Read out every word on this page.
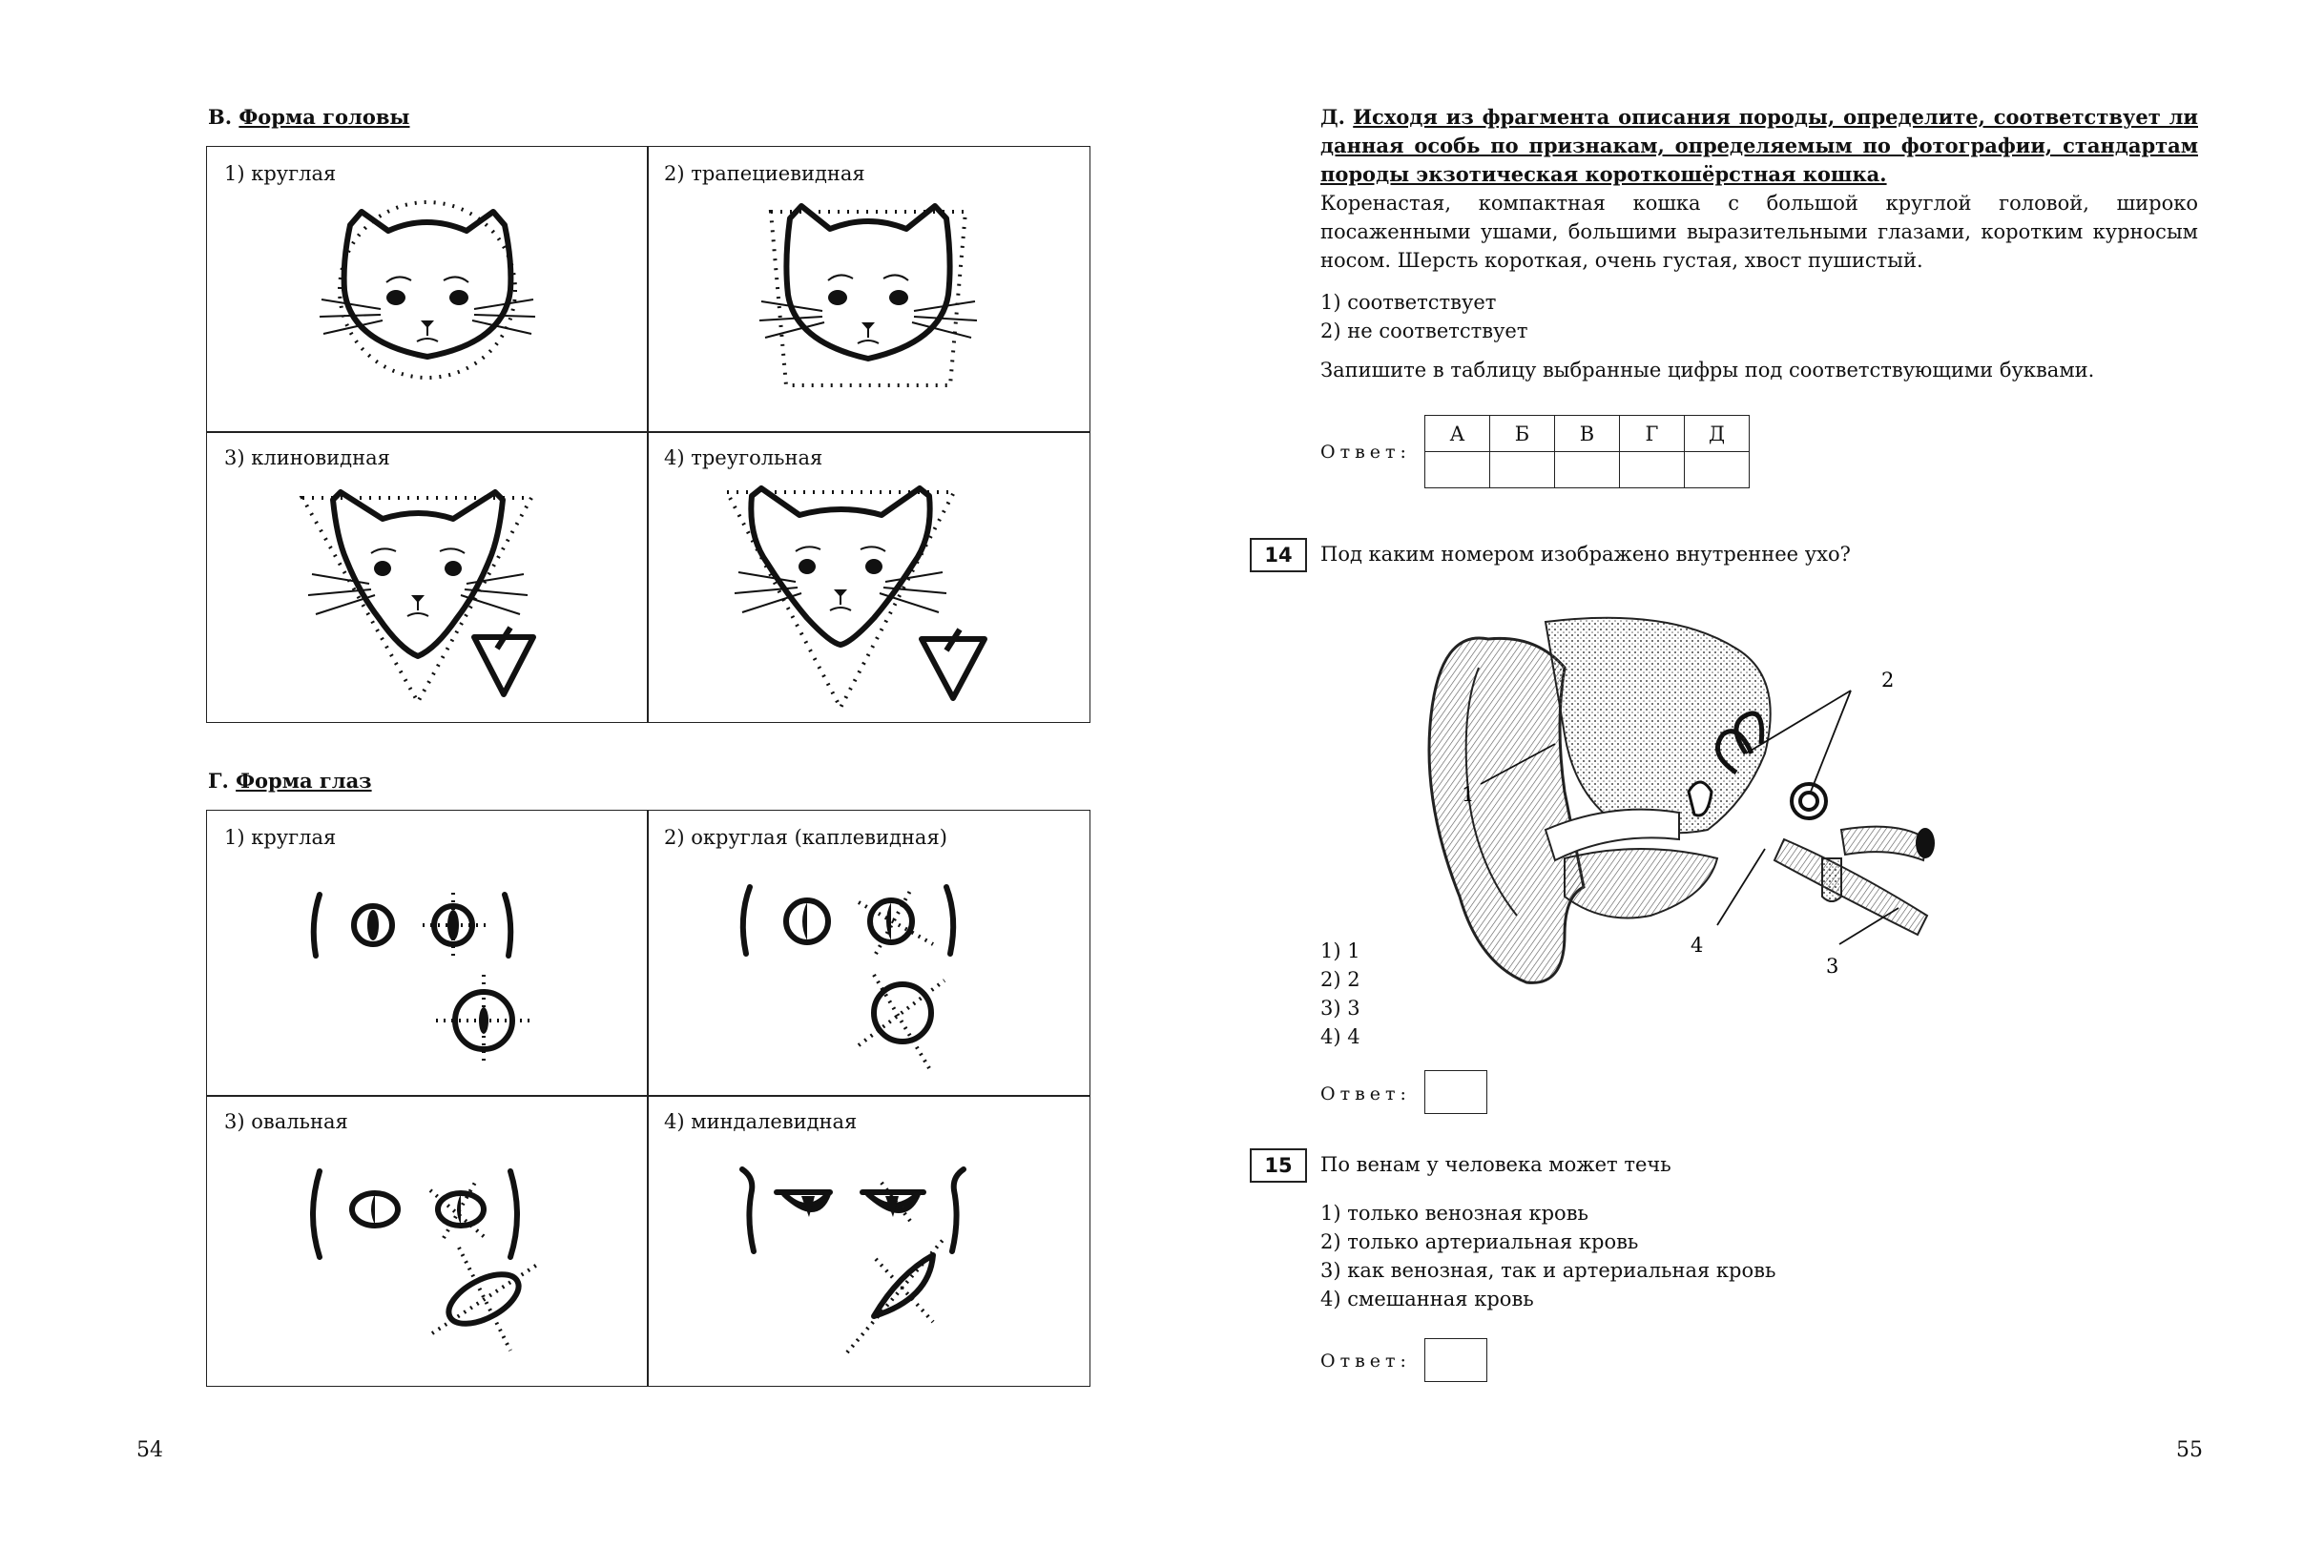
В. Форма головы
1) круглая	2) трапециевидная
3) клиновидная	4) треугольная
Г. Форма глаз
1) круглая	2) округлая (каплевидная)
3) овальная	4) миндалевидная
54
Д. Исходя из фрагмента описания породы, определите, соответствует ли данная особь по признакам, определяемым по фотографии, стандартам породы экзотическая короткошёрстная кошка.
Коренастая, компактная кошка с большой круглой головой, широко посаженными ушами, большими выразительными глазами, коротким курносым носом. Шерсть короткая, очень густая, хвост пушистый.
1) соответствует
2) не соответствует
Запишите в таблицу выбранные цифры под соответствующими буквами.
Ответ:
А	Б	В	Г	Д

14	Под каким номером изображено внутреннее ухо?
1
2
3
4
1) 1
2) 2
3) 3
4) 4
Ответ:
15	По венам у человека может течь
1) только венозная кровь
2) только артериальная кровь
3) как венозная, так и артериальная кровь
4) смешанная кровь
Ответ:
55
